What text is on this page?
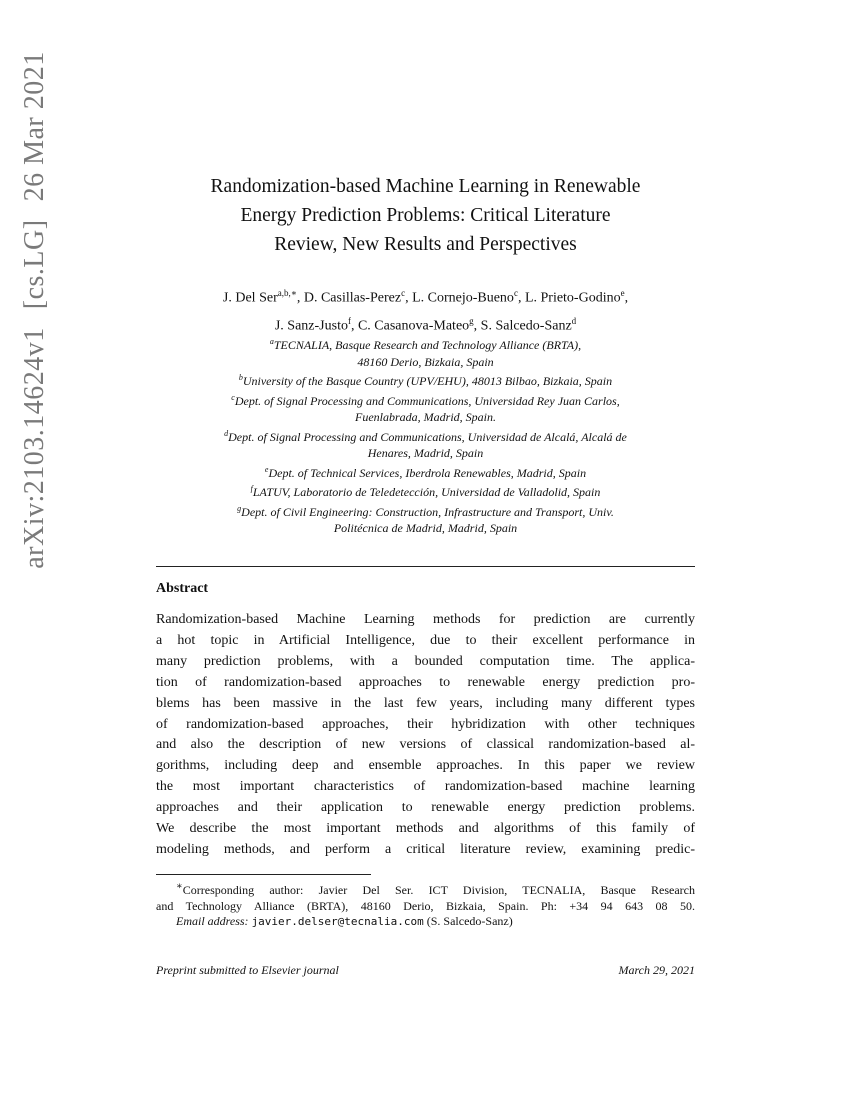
arXiv:2103.14624v1
[cs.LG]
26 Mar 2021	Randomization-based Machine Learning in Renewable
Energy Prediction Problems: Critical Literature
Review, New Results and Perspectives
J. Del Ser$^{a,b,∗}$, D. Casillas-Perez$^c$, L. Cornejo-Bueno$^c$, L. Prieto-Godino$^e$,
J. Sanz-Justo$^f$, C. Casanova-Mateo$^g$, S. Salcedo-Sanz$^d$
$^a$TECNALIA, Basque Research and Technology Alliance (BRTA),
48160 Derio, Bizkaia, Spain
$^b$University of the Basque Country (UPV/EHU), 48013 Bilbao, Bizkaia, Spain
$^c$Dept. of Signal Processing and Communications, Universidad Rey Juan Carlos,
Fuenlabrada, Madrid, Spain.
$^d$Dept. of Signal Processing and Communications, Universidad de Alcalá, Alcalá de
Henares, Madrid, Spain
$^e$Dept. of Technical Services, Iberdrola Renewables, Madrid, Spain
$^f$LATUV, Laboratorio de Teledetección, Universidad de Valladolid, Spain
$^g$Dept. of Civil Engineering: Construction, Infrastructure and Transport, Univ.
Politécnica de Madrid, Madrid, Spain
Abstract
Randomization-based Machine Learning methods for prediction are currently
a hot topic in Artificial Intelligence, due to their excellent performance in
many prediction problems, with a bounded computation time. The applica-
tion of randomization-based approaches to renewable energy prediction pro-
blems has been massive in the last few years, including many different types
of randomization-based approaches, their hybridization with other techniques
and also the description of new versions of classical randomization-based al-
gorithms, including deep and ensemble approaches. In this paper we review
the most important characteristics of randomization-based machine learning
approaches and their application to renewable energy prediction problems.
We describe the most important methods and algorithms of this family of
modeling methods, and perform a critical literature review, examining predic-
∗Corresponding author: Javier Del Ser. ICT Division, TECNALIA, Basque Research
and Technology Alliance (BRTA), 48160 Derio, Bizkaia, Spain. Ph: +34 94 643 08 50.
Email address: javier.delser@tecnalia.com (S. Salcedo-Sanz)
Preprint submitted to Elsevier journal	March 29, 2021
